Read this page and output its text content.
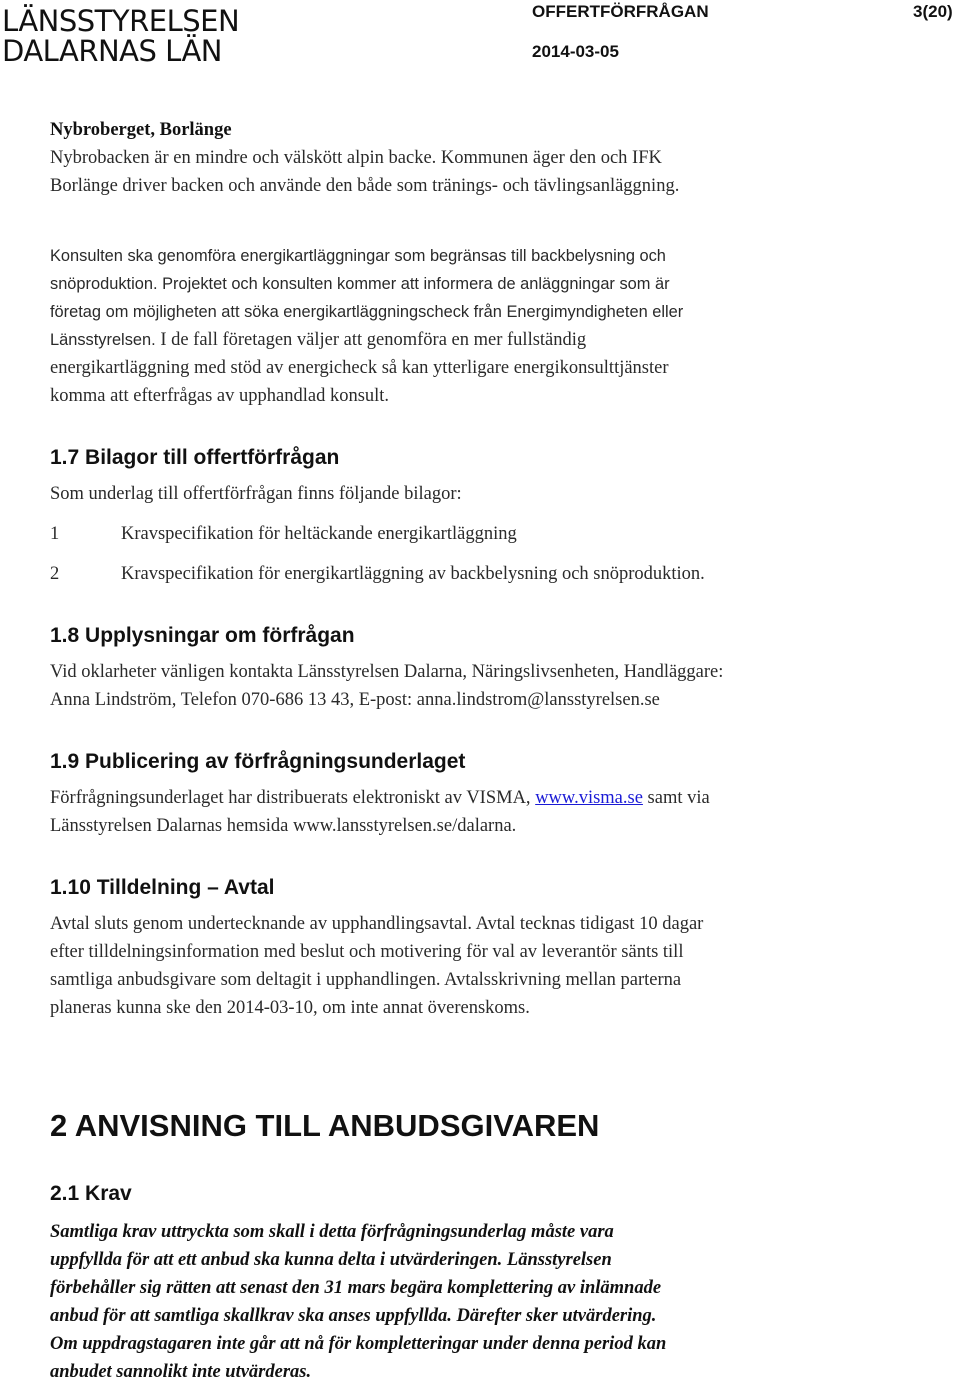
LÄNSSTYRELSEN
DALARNAS LÄN
OFFERTFÖRFRÅGAN	3(20)
2014-03-05

Nybroberget, Borlänge

Nybrobacken är en mindre och välskött alpin backe. Kommunen äger den och IFK

Borlänge driver backen och använde den både som tränings- och tävlingsanläggning.

Konsulten ska genomföra energikartläggningar som begränsas till backbelysning och

snöproduktion. Projektet och konsulten kommer att informera de anläggningar som är

företag om möjligheten att söka energikartläggningscheck från Energimyndigheten eller

Länsstyrelsen. I de fall företagen väljer att genomföra en mer fullständig

energikartläggning med stöd av energicheck så kan ytterligare energikonsulttjänster

komma att efterfrågas av upphandlad konsult.

1.7 Bilagor till offertförfrågan

Som underlag till offertförfrågan finns följande bilagor:

1	Kravspecifikation för heltäckande energikartläggning

2	Kravspecifikation för energikartläggning av backbelysning och snöproduktion.

1.8 Upplysningar om förfrågan

Vid oklarheter vänligen kontakta Länsstyrelsen Dalarna, Näringslivsenheten, Handläggare:

Anna Lindström, Telefon 070-686 13 43, E-post: anna.lindstrom@lansstyrelsen.se

1.9 Publicering av förfrågningsunderlaget

Förfrågningsunderlaget har distribuerats elektroniskt av VISMA, www.visma.se samt via

Länsstyrelsen Dalarnas hemsida www.lansstyrelsen.se/dalarna.

1.10 Tilldelning – Avtal

Avtal sluts genom undertecknande av upphandlingsavtal. Avtal tecknas tidigast 10 dagar

efter tilldelningsinformation med beslut och motivering för val av leverantör sänts till

samtliga anbudsgivare som deltagit i upphandlingen. Avtalsskrivning mellan parterna

planeras kunna ske den 2014-03-10, om inte annat överenskoms.

2 ANVISNING TILL ANBUDSGIVAREN
2.1 Krav

Samtliga krav uttryckta som skall i detta förfrågningsunderlag måste vara

uppfyllda för att ett anbud ska kunna delta i utvärderingen. Länsstyrelsen

förbehåller sig rätten att senast den 31 mars begära komplettering av inlämnade

anbud för att samtliga skallkrav ska anses uppfyllda. Därefter sker utvärdering.

Om uppdragstagaren inte går att nå för kompletteringar under denna period kan

anbudet sannolikt inte utvärderas.
